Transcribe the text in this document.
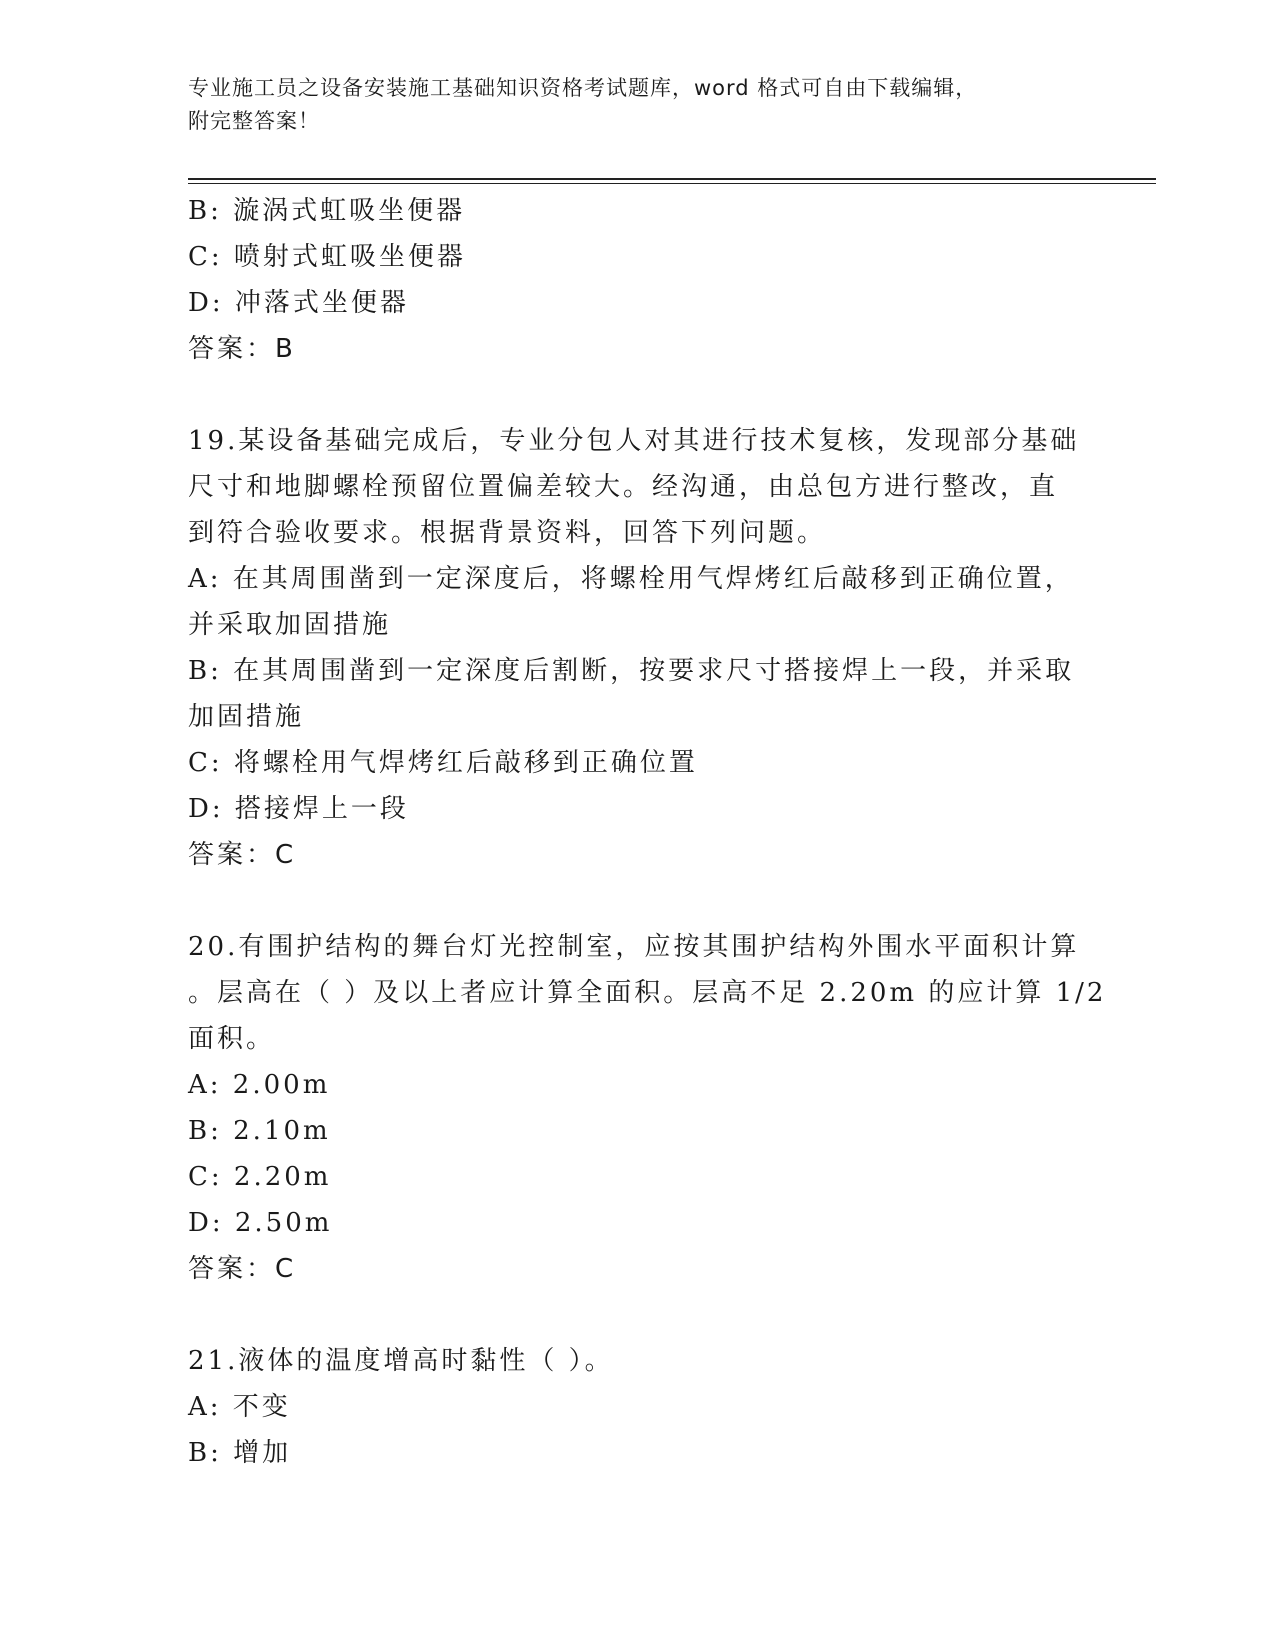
专业施工员之设备安装施工基础知识资格考试题库，word 格式可自由下载编辑，
附完整答案！
B: 漩涡式虹吸坐便器
C: 喷射式虹吸坐便器
D: 冲落式坐便器
答案：B
19.某设备基础完成后，专业分包人对其进行技术复核，发现部分基础
尺寸和地脚螺栓预留位置偏差较大。经沟通，由总包方进行整改，直
到符合验收要求。根据背景资料，回答下列问题。
A: 在其周围凿到一定深度后，将螺栓用气焊烤红后敲移到正确位置，
并采取加固措施
B: 在其周围凿到一定深度后割断，按要求尺寸搭接焊上一段，并采取
加固措施
C: 将螺栓用气焊烤红后敲移到正确位置
D: 搭接焊上一段
答案：C
20.有围护结构的舞台灯光控制室，应按其围护结构外围水平面积计算
。层高在（ ）及以上者应计算全面积。层高不足 2.20m 的应计算 1/2
面积。
A: 2.00m
B: 2.10m
C: 2.20m
D: 2.50m
答案：C
21.液体的温度增高时黏性（ ）。
A: 不变
B: 增加
